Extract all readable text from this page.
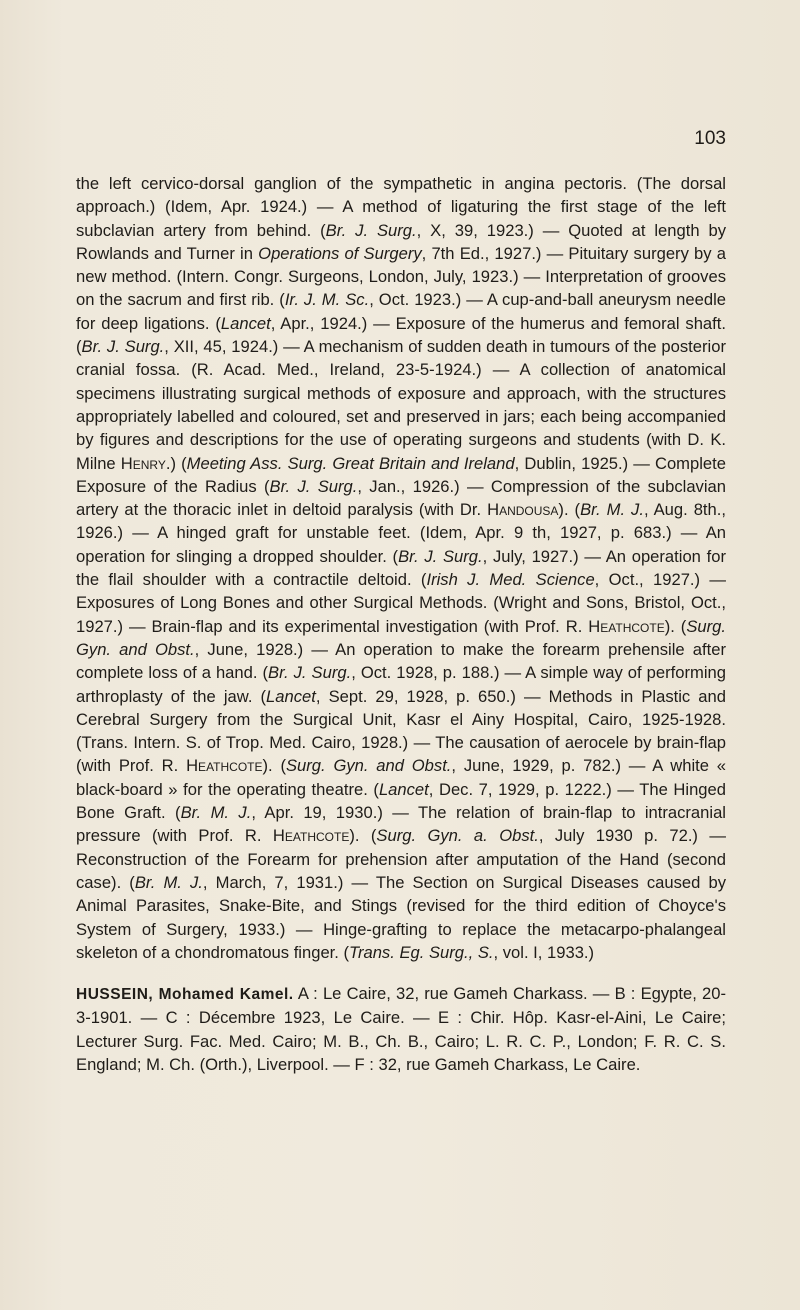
103

the left cervico-dorsal ganglion of the sympathetic in angina pectoris. (The dorsal approach.) (Idem, Apr. 1924.) — A method of ligaturing the first stage of the left subclavian artery from behind. (Br. J. Surg., X, 39, 1923.) — Quoted at length by Rowlands and Turner in Operations of Surgery, 7th Ed., 1927.) — Pituitary surgery by a new method. (Intern. Congr. Surgeons, London, July, 1923.) — Interpretation of grooves on the sacrum and first rib. (Ir. J. M. Sc., Oct. 1923.) — A cup-and-ball aneurysm needle for deep ligations. (Lancet, Apr., 1924.) — Exposure of the humerus and femoral shaft. (Br. J. Surg., XII, 45, 1924.) — A mechanism of sudden death in tumours of the posterior cranial fossa. (R. Acad. Med., Ireland, 23-5-1924.) — A collection of anatomical specimens illustrating surgical methods of exposure and approach, with the structures appropriately labelled and coloured, set and preserved in jars; each being accompanied by figures and descriptions for the use of operating surgeons and students (with D. K. Milne Henry.) (Meeting Ass. Surg. Great Britain and Ireland, Dublin, 1925.) — Complete Exposure of the Radius (Br. J. Surg., Jan., 1926.) — Compression of the subclavian artery at the thoracic inlet in deltoid paralysis (with Dr. Handousa). (Br. M. J., Aug. 8th., 1926.) — A hinged graft for unstable feet. (Idem, Apr. 9 th, 1927, p. 683.) — An operation for slinging a dropped shoulder. (Br. J. Surg., July, 1927.) — An operation for the flail shoulder with a contractile deltoid. (Irish J. Med. Science, Oct., 1927.) — Exposures of Long Bones and other Surgical Methods. (Wright and Sons, Bristol, Oct., 1927.) — Brain-flap and its experimental investigation (with Prof. R. Heathcote). (Surg. Gyn. and Obst., June, 1928.) — An operation to make the forearm prehensile after complete loss of a hand. (Br. J. Surg., Oct. 1928, p. 188.) — A simple way of performing arthroplasty of the jaw. (Lancet, Sept. 29, 1928, p. 650.) — Methods in Plastic and Cerebral Surgery from the Surgical Unit, Kasr el Ainy Hospital, Cairo, 1925-1928. (Trans. Intern. S. of Trop. Med. Cairo, 1928.) — The causation of aerocele by brain-flap (with Prof. R. Heathcote). (Surg. Gyn. and Obst., June, 1929, p. 782.) — A white « black-board » for the operating theatre. (Lancet, Dec. 7, 1929, p. 1222.) — The Hinged Bone Graft. (Br. M. J., Apr. 19, 1930.) — The relation of brain-flap to intracranial pressure (with Prof. R. Heathcote). (Surg. Gyn. a. Obst., July 1930 p. 72.) — Reconstruction of the Forearm for prehension after amputation of the Hand (second case). (Br. M. J., March, 7, 1931.) — The Section on Surgical Diseases caused by Animal Parasites, Snake-Bite, and Stings (revised for the third edition of Choyce's System of Surgery, 1933.) — Hinge-grafting to replace the metacarpo-phalangeal skeleton of a chondromatous finger. (Trans. Eg. Surg., S., vol. I, 1933.)

HUSSEIN, Mohamed Kamel. A : Le Caire, 32, rue Gameh Charkass. — B : Egypte, 20-3-1901. — C : Décembre 1923, Le Caire. — E : Chir. Hôp. Kasr-el-Aini, Le Caire; Lecturer Surg. Fac. Med. Cairo; M. B., Ch. B., Cairo; L. R. C. P., London; F. R. C. S. England; M. Ch. (Orth.), Liverpool. — F : 32, rue Gameh Charkass, Le Caire.
